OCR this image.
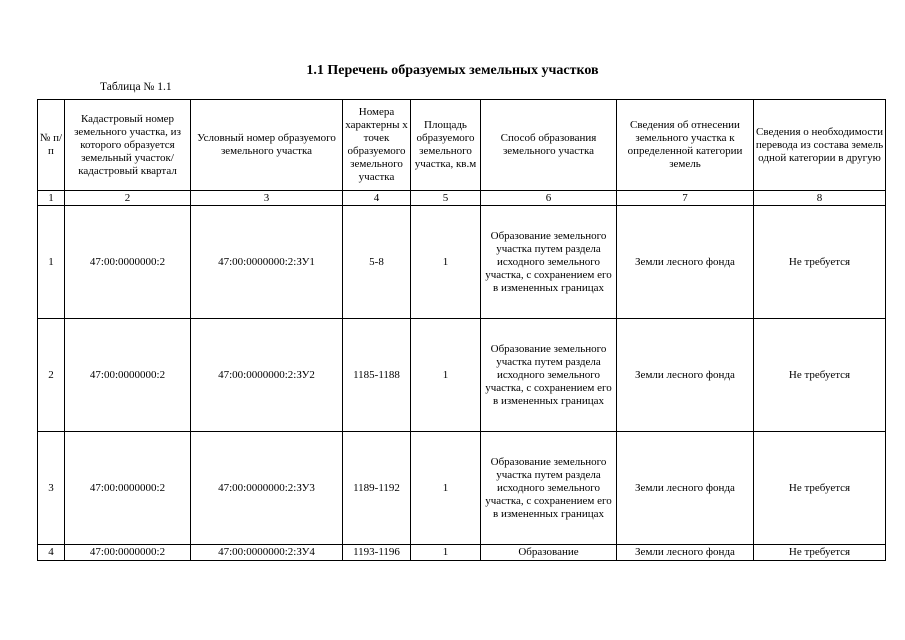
1.1 Перечень образуемых земельных участков
Таблица № 1.1
№ п/п	Кадастровый номер земельного участка, из которого образуется земельный участок/ кадастровый квартал	Условный номер образуемого земельного участка	Номера характерны х точек образуемого земельного участка	Площадь образуемого земельного участка, кв.м	Способ образования земельного участка	Сведения об отнесении земельного участка к определенной категории земель	Сведения о необходимости перевода из состава земель одной категории в другую
1	2	3	4	5	6	7	8
1	47:00:0000000:2	47:00:0000000:2:ЗУ1	5-8	1	Образование земельного участка путем раздела исходного земельного участка, с сохранением его в измененных границах	Земли лесного фонда	Не требуется
2	47:00:0000000:2	47:00:0000000:2:ЗУ2	1185-1188	1	Образование земельного участка путем раздела исходного земельного участка, с сохранением его в измененных границах	Земли лесного фонда	Не требуется
3	47:00:0000000:2	47:00:0000000:2:ЗУ3	1189-1192	1	Образование земельного участка путем раздела исходного земельного участка, с сохранением его в измененных границах	Земли лесного фонда	Не требуется
4	47:00:0000000:2	47:00:0000000:2:ЗУ4	1193-1196	1	Образование	Земли лесного фонда	Не требуется
